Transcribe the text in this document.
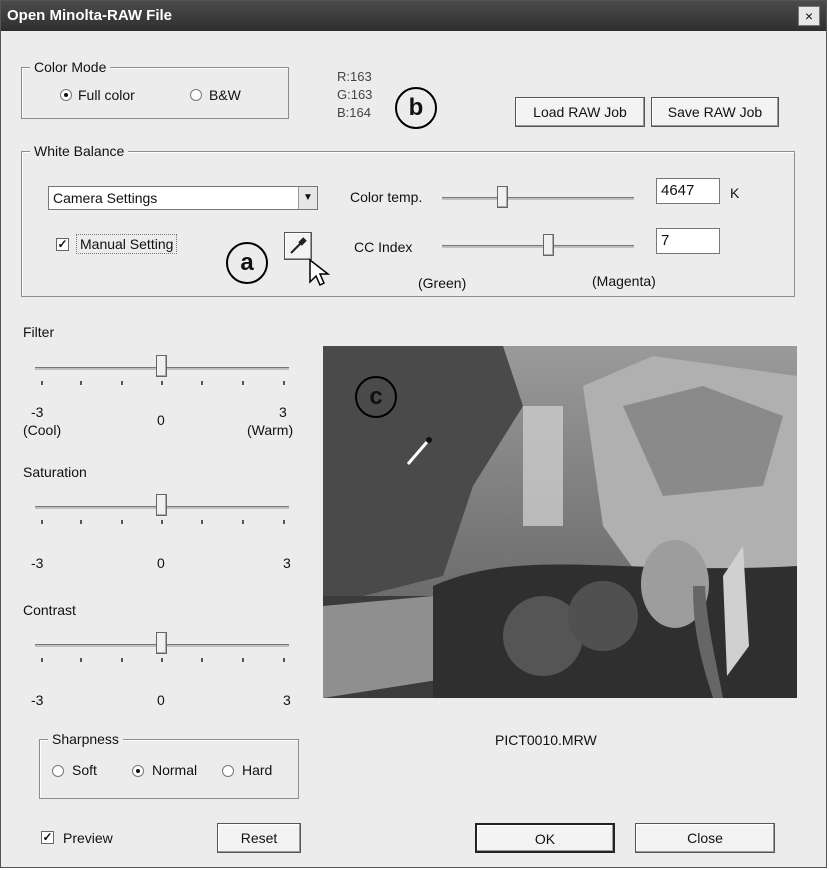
Open Minolta-RAW File	×
Color Mode
Full color	B&W
R:163
G:163
B:164	b	Load RAW Job	Save RAW Job
White Balance
Camera Settings	▼
✓ Manual Setting
a
Color temp.	4647	K
CC Index	7
(Green)	(Magenta)
Filter
-3
(Cool)
0	3
(Warm)
Saturation
-3	0	3
Contrast
-3	0	3
Sharpness
Soft	Normal	Hard
c
PICT0010.MRW
✓ Preview	Reset	OK	Close
